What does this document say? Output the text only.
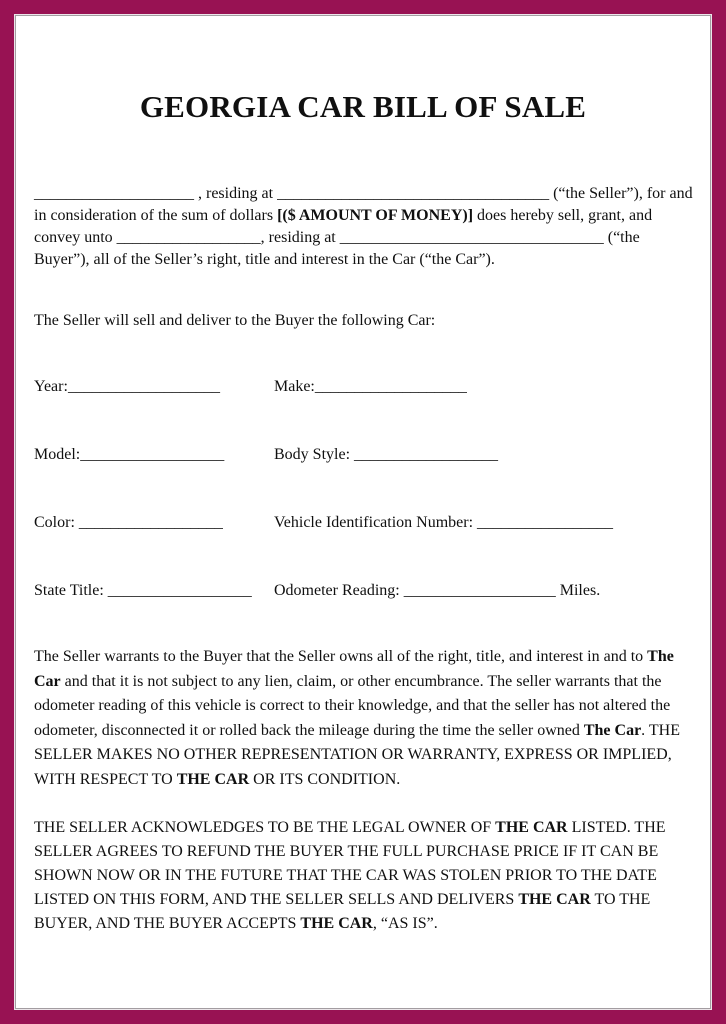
GEORGIA CAR BILL OF SALE

____________________ , residing at __________________________________ (“the Seller”), for and in consideration of the sum of dollars [($ AMOUNT OF MONEY)] does hereby sell, grant, and convey unto __________________, residing at _________________________________ (“the Buyer”), all of the Seller’s right, title and interest in the Car (“the Car”).

The Seller will sell and deliver to the Buyer the following Car:

Year:___________________	Make:___________________
Model:__________________	Body Style: __________________
Color: __________________	Vehicle Identification Number: _________________
State Title: __________________	Odometer Reading: ___________________ Miles.

The Seller warrants to the Buyer that the Seller owns all of the right, title, and interest in and to The Car and that it is not subject to any lien, claim, or other encumbrance. The seller warrants that the odometer reading of this vehicle is correct to their knowledge, and that the seller has not altered the odometer, disconnected it or rolled back the mileage during the time the seller owned The Car. THE SELLER MAKES NO OTHER REPRESENTATION OR WARRANTY, EXPRESS OR IMPLIED, WITH RESPECT TO THE CAR OR ITS CONDITION.

THE SELLER ACKNOWLEDGES TO BE THE LEGAL OWNER OF THE CAR LISTED. THE SELLER AGREES TO REFUND THE BUYER THE FULL PURCHASE PRICE IF IT CAN BE SHOWN NOW OR IN THE FUTURE THAT THE CAR WAS STOLEN PRIOR TO THE DATE LISTED ON THIS FORM, AND THE SELLER SELLS AND DELIVERS THE CAR TO THE BUYER, AND THE BUYER ACCEPTS THE CAR, “AS IS”.
